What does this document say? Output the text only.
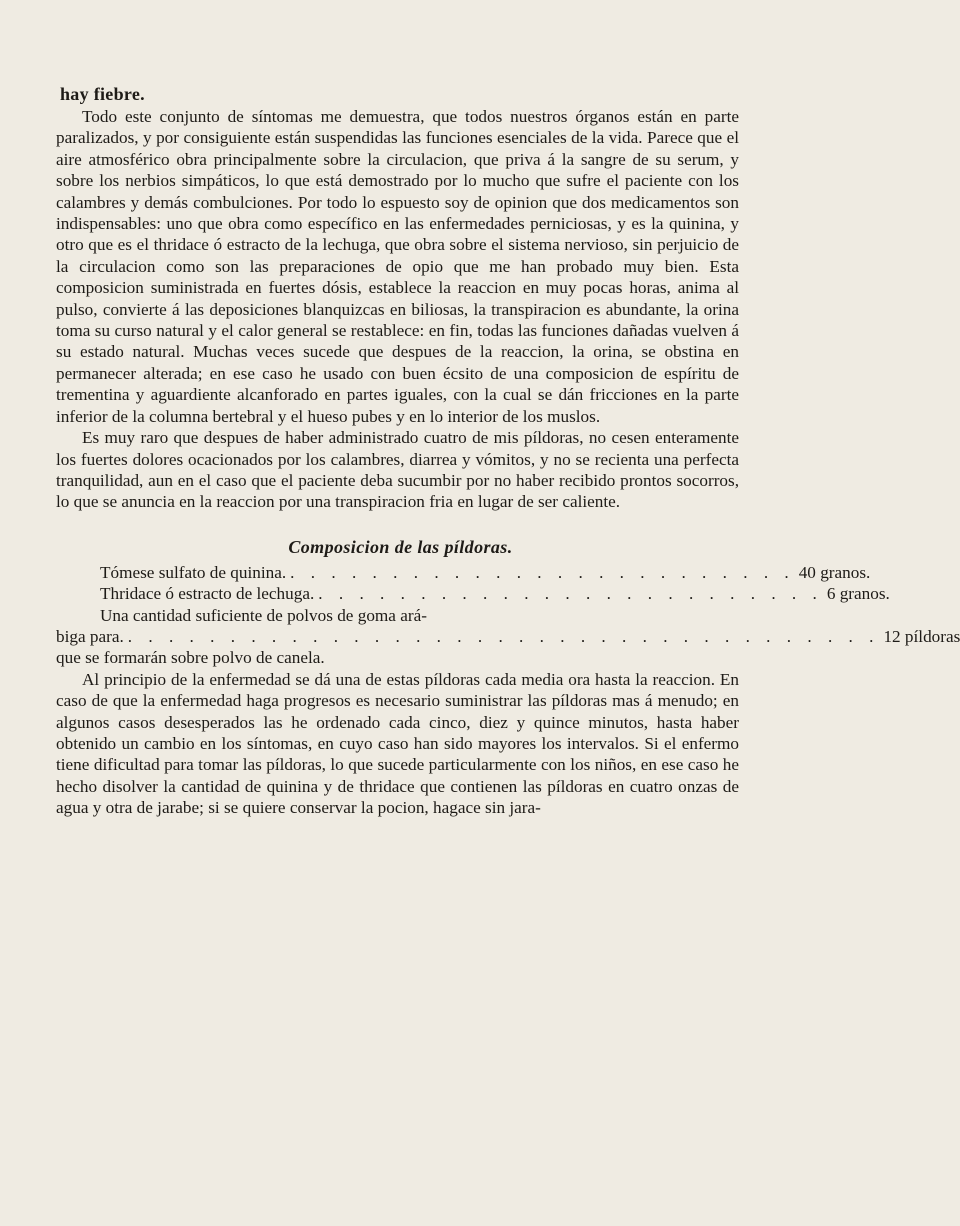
hay fiebre.

Todo este conjunto de síntomas me demuestra, que todos nuestros órganos están en parte paralizados, y por consiguiente están suspendidas las funciones esenciales de la vida. Parece que el aire atmosférico obra principalmente sobre la circulacion, que priva á la sangre de su serum, y sobre los nerbios simpáticos, lo que está demostrado por lo mucho que sufre el paciente con los calambres y demás combulciones. Por todo lo espuesto soy de opinion que dos medicamentos son indispensables: uno que obra como específico en las enfermedades perniciosas, y es la quinina, y otro que es el thridace ó estracto de la lechuga, que obra sobre el sistema nervioso, sin perjuicio de la circulacion como son las preparaciones de opio que me han probado muy bien. Esta composicion suministrada en fuertes dósis, establece la reaccion en muy pocas horas, anima al pulso, convierte á las deposiciones blanquizcas en biliosas, la transpiracion es abundante, la orina toma su curso natural y el calor general se restablece: en fin, todas las funciones dañadas vuelven á su estado natural. Muchas veces sucede que despues de la reaccion, la orina, se obstina en permanecer alterada; en ese caso he usado con buen écsito de una composicion de espíritu de trementina y aguardiente alcanforado en partes iguales, con la cual se dán fricciones en la parte inferior de la columna bertebral y el hueso pubes y en lo interior de los muslos.

Es muy raro que despues de haber administrado cuatro de mis píldoras, no cesen enteramente los fuertes dolores ocacionados por los calambres, diarrea y vómitos, y no se recienta una perfecta tranquilidad, aun en el caso que el paciente deba sucumbir por no haber recibido prontos socorros, lo que se anuncia en la reaccion por una transpiracion fria en lugar de ser caliente.

Composicion de las píldoras.
Tómese sulfato de quinina. . . . . . . . . . . . . . . . . . . . . . . . . . 40 granos.
Thridace ó estracto de lechuga. . . . . . . . . . . . . . . . . . . . . . . . . . 6 granos.
Una cantidad suficiente de polvos de goma ará-
biga para. . . . . . . . . . . . . . . . . . . . . . . . . . . . . . . . . . . . . . 12 píldoras
que se formarán sobre polvo de canela.

Al principio de la enfermedad se dá una de estas píldoras cada media ora hasta la reaccion. En caso de que la enfermedad haga progresos es necesario suministrar las píldoras mas á menudo; en algunos casos desesperados las he ordenado cada cinco, diez y quince minutos, hasta haber obtenido un cambio en los síntomas, en cuyo caso han sido mayores los intervalos. Si el enfermo tiene dificultad para tomar las píldoras, lo que sucede particularmente con los niños, en ese caso he hecho disolver la cantidad de quinina y de thridace que contienen las píldoras en cuatro onzas de agua y otra de jarabe; si se quiere conservar la pocion, hagace sin jara-
